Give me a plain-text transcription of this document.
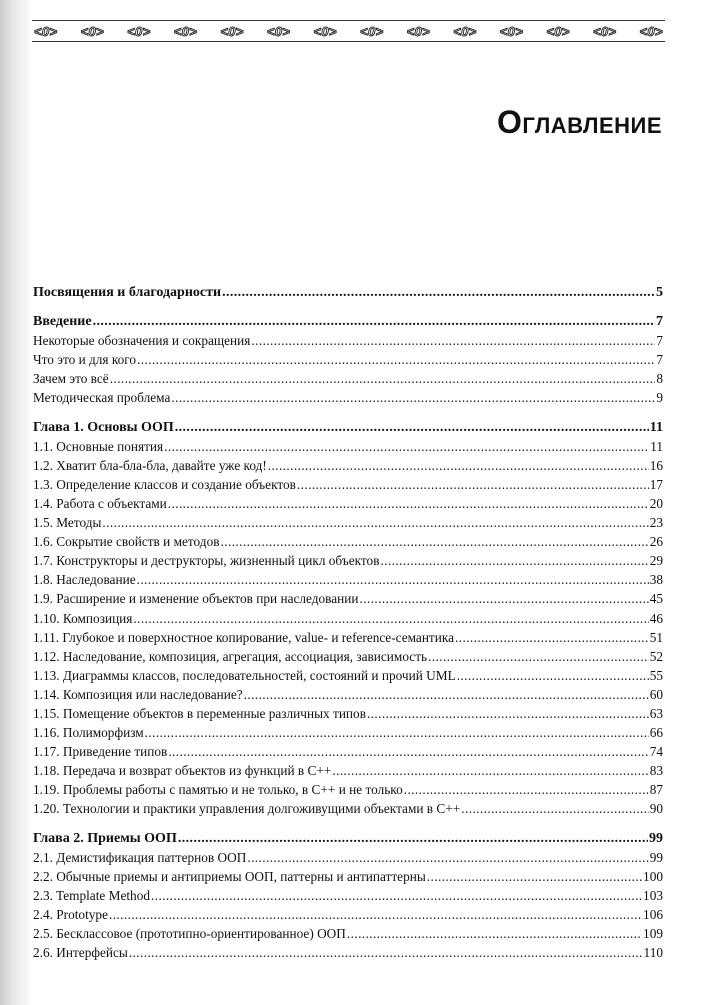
<0> <0> <0> <0> <0> <0> <0> <0> <0> <0> <0> <0> <0> <0>
Оглавление
Посвящения и благодарности .....	5
Введение .....	7
Некоторые обозначения и сокращения .....	7
Что это и для кого .....	7
Зачем это всё .....	8
Методическая проблема .....	9
Глава 1. Основы ООП .....	11
1.1. Основные понятия .....	11
1.2. Хватит бла-бла-бла, давайте уже код! .....	16
1.3. Определение классов и создание объектов .....	17
1.4. Работа с объектами .....	20
1.5. Методы .....	23
1.6. Сокрытие свойств и методов .....	26
1.7. Конструкторы и деструкторы, жизненный цикл объектов .....	29
1.8. Наследование .....	38
1.9. Расширение и изменение объектов при наследовании .....	45
1.10. Композиция .....	46
1.11. Глубокое и поверхностное копирование, value- и reference-семантика .....	51
1.12. Наследование, композиция, агрегация, ассоциация, зависимость .....	52
1.13. Диаграммы классов, последовательностей, состояний и прочий UML .....	55
1.14. Композиция или наследование? .....	60
1.15. Помещение объектов в переменные различных типов .....	63
1.16. Полиморфизм .....	66
1.17. Приведение типов .....	74
1.18. Передача и возврат объектов из функций в C++ .....	83
1.19. Проблемы работы с памятью и не только, в C++ и не только .....	87
1.20. Технологии и практики управления долгоживущими объектами в C++ .....	90
Глава 2. Приемы ООП .....	99
2.1. Демистификация паттернов ООП .....	99
2.2. Обычные приемы и антиприемы ООП, паттерны и антипаттерны .....	100
2.3. Template Method .....	103
2.4. Prototype .....	106
2.5. Бесклассовое (прототипно-ориентированное) ООП .....	109
2.6. Интерфейсы .....	110
